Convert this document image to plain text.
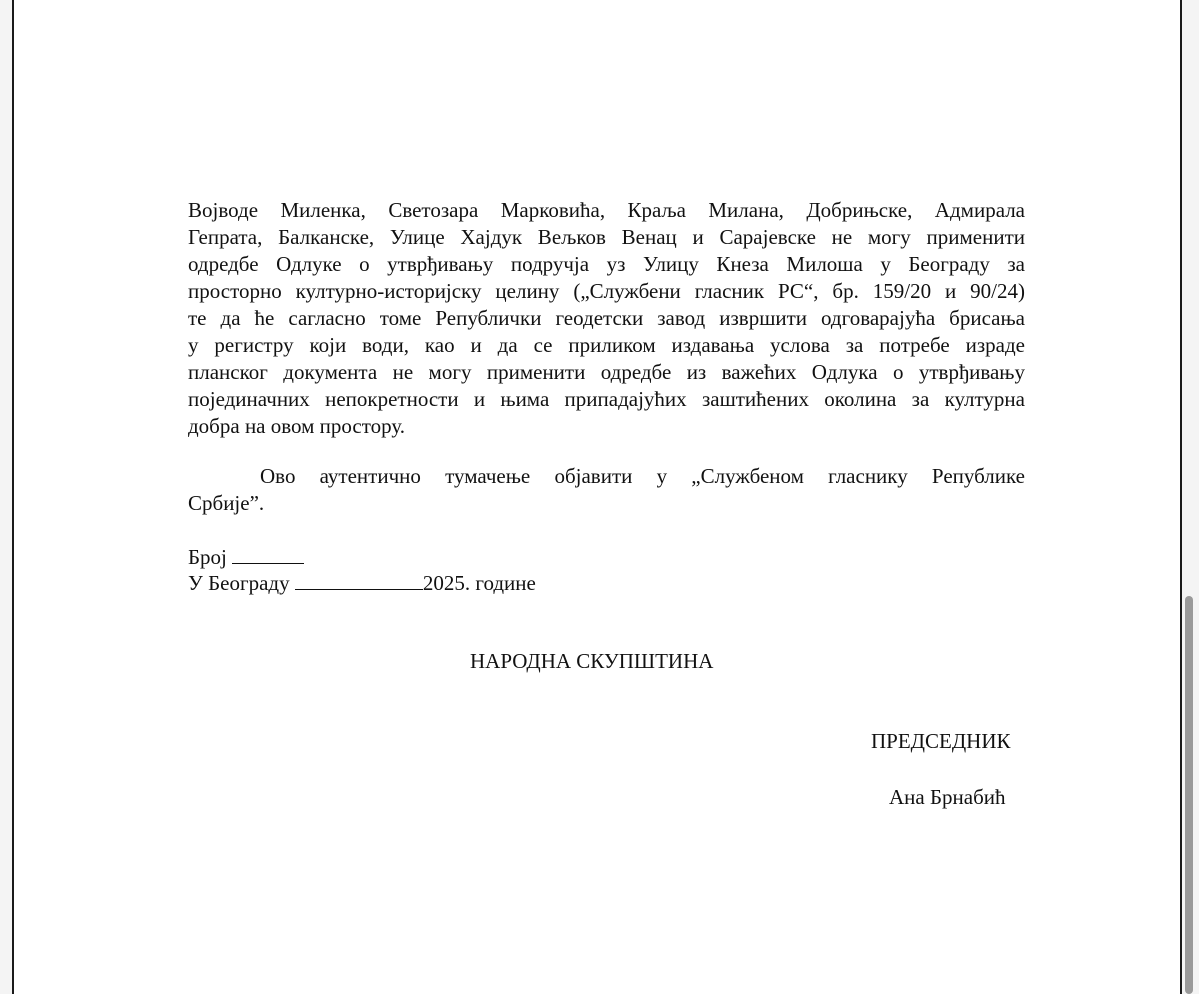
Војводе Миленка, Светозара Марковића, Краља Милана, Добрињске, Адмирала
Гепрата, Балканске, Улице Хајдук Вељков Венац и Сарајевске не могу применити
одредбе Одлуке о утврђивању подручја уз Улицу Кнеза Милоша у Београду за
просторно културно-историјску целину („Службени гласник РС“, бр. 159/20 и 90/24)
те да ће сагласно томе Републички геодетски завод извршити одговарајућа брисања
у регистру који води, као и да се приликом издавања услова за потребе израде
планског документа не могу применити одредбе из важећих Одлука о утврђивању
појединачних непокретности и њима припадајућих заштићених околина за културна
добра на овом простору.
Ово аутентично тумачење објавити у „Службеном гласнику Републике
Србије”.
Број
У Београду	2025. године
НАРОДНА СКУПШТИНА
ПРЕДСЕДНИК
Ана Брнабић
